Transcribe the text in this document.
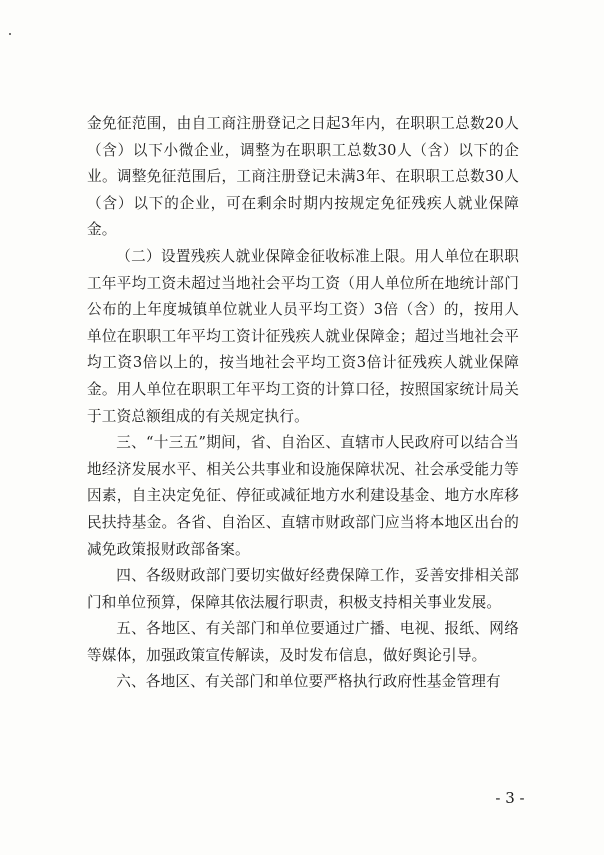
金免征范围，由自工商注册登记之日起3年内，在职职工总数20人（含）以下小微企业，调整为在职职工总数30人（含）以下的企业。调整免征范围后，工商注册登记未满3年、在职职工总数30人（含）以下的企业，可在剩余时期内按规定免征残疾人就业保障金。

（二）设置残疾人就业保障金征收标准上限。用人单位在职职工年平均工资未超过当地社会平均工资（用人单位所在地统计部门公布的上年度城镇单位就业人员平均工资）3倍（含）的，按用人单位在职职工年平均工资计征残疾人就业保障金；超过当地社会平均工资3倍以上的，按当地社会平均工资3倍计征残疾人就业保障金。用人单位在职职工年平均工资的计算口径，按照国家统计局关于工资总额组成的有关规定执行。

三、“十三五”期间，省、自治区、直辖市人民政府可以结合当地经济发展水平、相关公共事业和设施保障状况、社会承受能力等因素，自主决定免征、停征或减征地方水利建设基金、地方水库移民扶持基金。各省、自治区、直辖市财政部门应当将本地区出台的减免政策报财政部备案。

四、各级财政部门要切实做好经费保障工作，妥善安排相关部门和单位预算，保障其依法履行职责，积极支持相关事业发展。

五、各地区、有关部门和单位要通过广播、电视、报纸、网络等媒体，加强政策宣传解读，及时发布信息，做好舆论引导。

六、各地区、有关部门和单位要严格执行政府性基金管理有

- 3 -
